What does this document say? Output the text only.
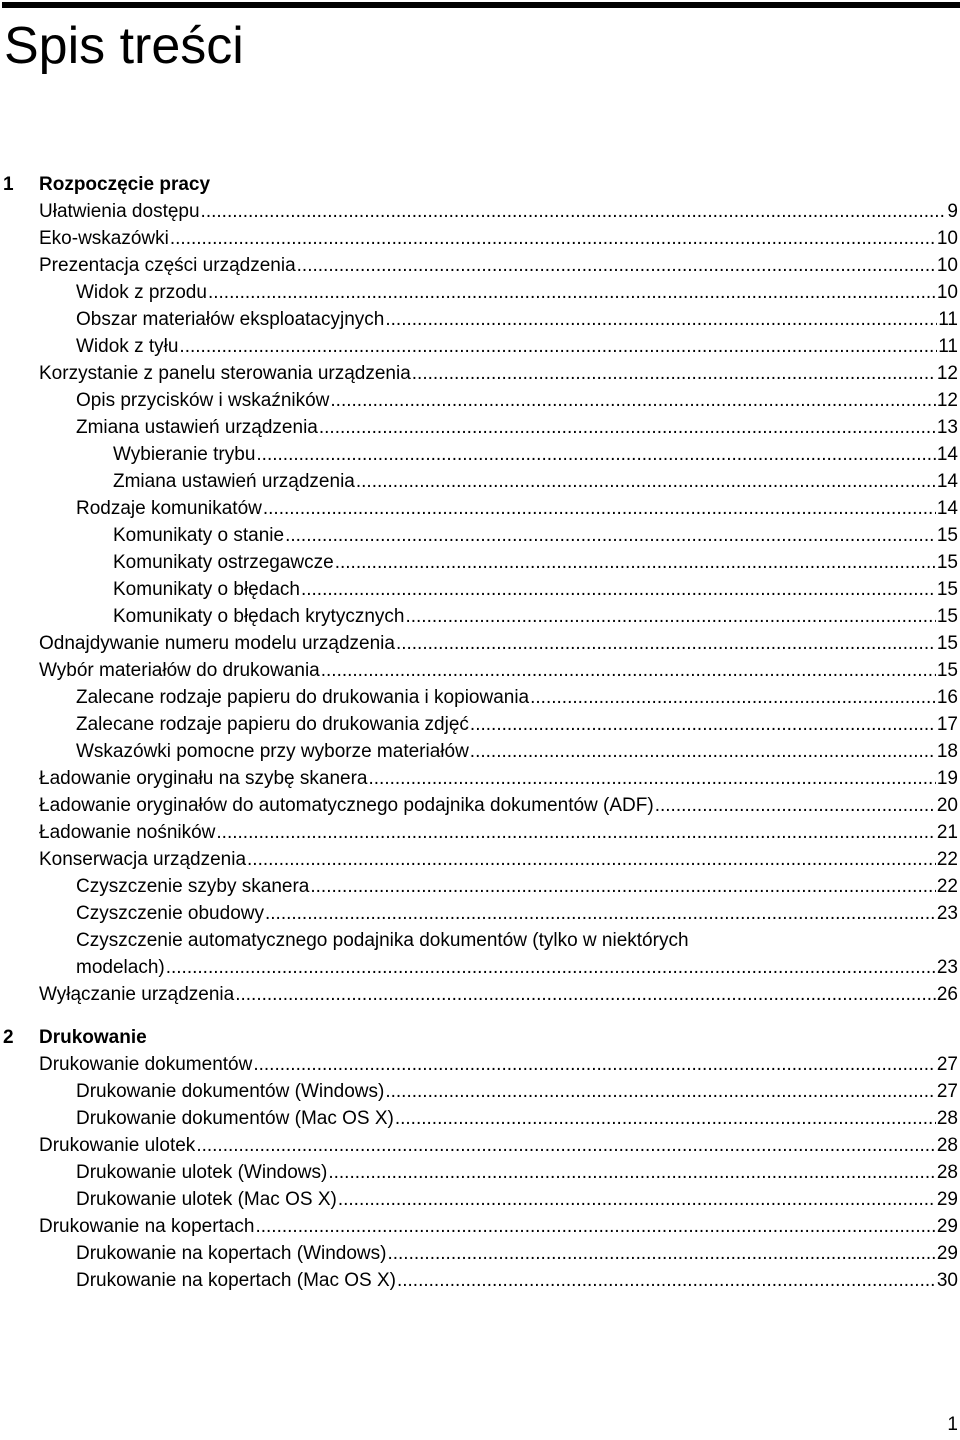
Spis treści
1 Rozpoczęcie pracy
Ułatwienia dostępu .....	9
Eko-wskazówki .....	10
Prezentacja części urządzenia .....	10
Widok z przodu .....	10
Obszar materiałów eksploatacyjnych .....	11
Widok z tyłu .....	11
Korzystanie z panelu sterowania urządzenia .....	12
Opis przycisków i wskaźników .....	12
Zmiana ustawień urządzenia .....	13
Wybieranie trybu .....	14
Zmiana ustawień urządzenia .....	14
Rodzaje komunikatów .....	14
Komunikaty o stanie .....	15
Komunikaty ostrzegawcze .....	15
Komunikaty o błędach .....	15
Komunikaty o błędach krytycznych .....	15
Odnajdywanie numeru modelu urządzenia .....	15
Wybór materiałów do drukowania .....	15
Zalecane rodzaje papieru do drukowania i kopiowania .....	16
Zalecane rodzaje papieru do drukowania zdjęć .....	17
Wskazówki pomocne przy wyborze materiałów .....	18
Ładowanie oryginału na szybę skanera .....	19
Ładowanie oryginałów do automatycznego podajnika dokumentów (ADF) .....	20
Ładowanie nośników .....	21
Konserwacja urządzenia .....	22
Czyszczenie szyby skanera .....	22
Czyszczenie obudowy .....	23
Czyszczenie automatycznego podajnika dokumentów (tylko w niektórych
modelach) .....	23
Wyłączanie urządzenia .....	26
2 Drukowanie
Drukowanie dokumentów .....	27
Drukowanie dokumentów (Windows) .....	27
Drukowanie dokumentów (Mac OS X) .....	28
Drukowanie ulotek .....	28
Drukowanie ulotek (Windows) .....	28
Drukowanie ulotek (Mac OS X) .....	29
Drukowanie na kopertach .....	29
Drukowanie na kopertach (Windows) .....	29
Drukowanie na kopertach (Mac OS X) .....	30
1
